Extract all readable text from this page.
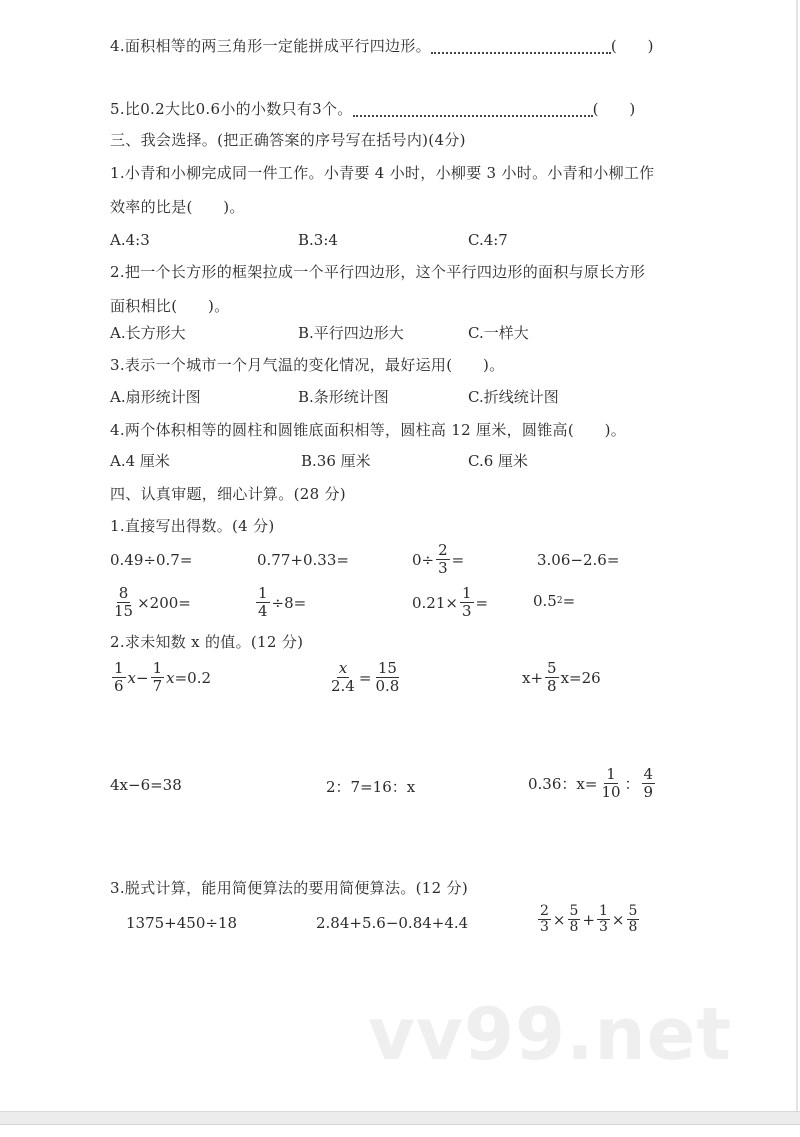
4.面积相等的两三角形一定能拼成平行四边形。	(　　)
5.比0.2大比0.6小的小数只有3个。	(　　)
三、我会选择。(把正确答案的序号写在括号内)(4分)
1.小青和小柳完成同一件工作。小青要 4 小时，小柳要 3 小时。小青和小柳工作
效率的比是(　　)。
A.4:3	B.3:4	C.4:7
2.把一个长方形的框架拉成一个平行四边形，这个平行四边形的面积与原长方形
面积相比(　　)。
A.长方形大	B.平行四边形大	C.一样大
3.表示一个城市一个月气温的变化情况，最好运用(　　)。
A.扇形统计图	B.条形统计图	C.折线统计图
4.两个体积相等的圆柱和圆锥底面积相等，圆柱高 12 厘米，圆锥高(　　)。
A.4 厘米	B.36 厘米	C.6 厘米
四、认真审题，细心计算。(28 分)
1.直接写出得数。(4 分)
0.49÷0.7=	0.77+0.33=	$0\div \frac{2}{3}$ =	3.06−2.6=
$\frac{8}{15} \times 200=$	$\frac{1}{4} \div 8=$	$0.21\times \frac{1}{3}$ =	0.5 2 =
2.求未知数 x 的值。(12 分)
$\frac{1}{6}$ $x - \frac{1}{7}$ x =0.2	$\frac{x}{2.4} = \frac{15}{0.8}$	$x+ \frac{5}{8} x=26$
4x−6=38	2：7=16：x	0.36：$x= \frac{1}{10}$ ： $\frac{4}{9}$
3.脱式计算，能用简便算法的要用简便算法。(12 分)
1375+450÷18	2.84+5.6−0.84+4.4	$\frac{2}{3} \times \frac{5}{8} + \frac{1}{3} \times \frac{5}{8}$
vv99.net
